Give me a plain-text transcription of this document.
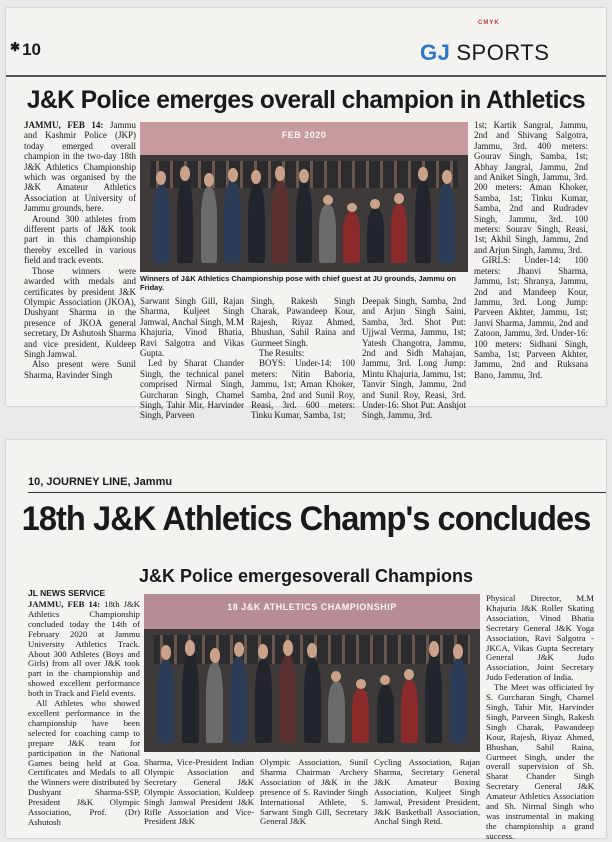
✱ 10
CMYK
GJ SPORTS
J&K Police emerges overall champion in Athletics

JAMMU, FEB 14: Jammu and Kashmir Police (JKP) today emerged overall champion in the two-day 18th J&K Athletics Championship which was organised by the J&K Amateur Athletics Association at University of Jammu grounds, here.

Around 300 athletes from different parts of J&K took part in this championship thereby excelled in various field and track events.

Those winners were awarded with medals and certificates by president J&K Olympic Association (JKOA), Dushyant Sharma in the presence of JKOA general secretary, Dr Ashutosh Sharma and vice president, Kuldeep Singh Jamwal.

Also present were Sunil Sharma, Ravinder Singh

FEB 2020
Winners of J&K Athletics Championship pose with chief guest at JU grounds, Jammu on Friday.

Sarwant Singh Gill, Rajan Sharma, Kuljeet Singh Jamwal, Anchal Singh, M.M Khajuria, Vinod Bhatia, Ravi Salgotra and Vikas Gupta.

Led by Sharat Chander Singh, the technical panel comprised Nirmal Singh, Gurcharan Singh, Chamel Singh, Tahir Mir, Harvinder Singh, Parveen

Singh, Rakesh Singh Charak, Pawandeep Kour, Rajesh, Riyaz Ahmed, Bhushan, Sahil Raina and Gurmeet Singh.

The Results:

BOYS: Under-14: 100 meters: Nitin Baboria, Jammu, 1st; Aman Khoker, Samba, 2nd and Sunil Roy, Reasi, 3rd. 600 meters: Tinku Kumar, Samba, 1st;

Deepak Singh, Samba, 2nd and Arjun Singh Saini, Samba, 3rd. Shot Put: Ujjwal Verma, Jammu, 1st; Yatesh Changotra, Jammu, 2nd and Sidh Mahajan, Jammu, 3rd. Long Jump: Mintu Khajuria, Jammu, 1st; Tanvir Singh, Jammu, 2nd and Sunil Roy, Reasi, 3rd. Under-16: Shot Put: Anshjot Singh, Jammu, 3rd.

1st; Kartik Sangral, Jammu, 2nd and Shivang Salgotra, Jammu, 3rd. 400 meters: Gourav Singh, Samba, 1st; Abhay Jangral, Jammu, 2nd and Aniket Singh, Jammu, 3rd. 200 meters: Aman Khoker, Samba, 1st; Tinku Kumar, Samba, 2nd and Rudradev Singh, Jammu, 3rd. 100 meters: Sourav Singh, Reasi, 1st; Akhil Singh, Jammu, 2nd and Arjun Singh, Jammu, 3rd.

GIRLS: Under-14: 100 meters: Jhanvi Sharma, Jammu, 1st; Shranya, Jammu, 2nd and Mandeep Kour, Jammu, 3rd. Long Jump: Parveen Akhter, Jammu, 1st; Janvi Sharma, Jammu, 2nd and Zatoon, Jammu, 3rd. Under-16: 100 meters: Sidhani Singh, Samba, 1st; Parveen Akhter, Jammu, 2nd and Ruksana Bano, Jammu, 3rd.

10, JOURNEY LINE, Jammu
18th J&K Athletics Champ's concludes
J&K Police emergesoverall Champions
JL NEWS SERVICE

JAMMU, FEB 14: 18th J&K Athletics Championship concluded today the 14th of February 2020 at Jammu University Athletics Track. About 300 Athletes (Boys and Girls) from all over J&K took part in the championship and showed excellent performance both in Track and Field events.

All Athletes who showed excellent performance in the championship have been selected for coaching camp to prepare J&K team for participation in the National Games being held at Goa. Certificates and Medals to all the Winners were distributed by Dushyant Sharma-SSP, President J&K Olympic Association, Prof. (Dr) Ashutosh

18 J&K ATHLETICS CHAMPIONSHIP

Sharma, Vice-President Indian Olympic Association and Secretary General J&K Olympic Association, Kuldeep Singh Jamwal President J&K Rifle Association and Vice-President J&K

Olympic Association, Sunil Sharma Chairman Archery Association of J&K in the presence of S. Ravinder Singh International Athlete, S. Sarwant Singh Gill, Secretary General J&K

Cycling Association, Rajan Sharma, Secretary General J&K Amateur Boxing Association, Kuljeet Singh Jamwal, President President, J&K Basketball Association, Anchal Singh Retd.

Physical Director, M.M Khajuria J&K Roller Skating Association, Vinod Bhatia Secretary General J&K Yoga Association, Ravi Salgotra - JKCA, Vikas Gupta Secretary General J&K Judo Association, Joint Secretary Judo Federation of India.

The Meet was officiated by S. Gurcharan Singh, Chamel Singh, Tahir Mir, Harvinder Singh, Parveen Singh, Rakesh Singh Charak, Pawandeep Kour, Rajesh, Riyaz Ahmed, Bhushan, Sahil Raina, Gurmeet Singh, under the overall supervision of Sh. Sharat Chander Singh Secretary General J&K Amateur Athletics Association and Sh. Nirmal Singh who was instrumental in making the championship a grand success.
